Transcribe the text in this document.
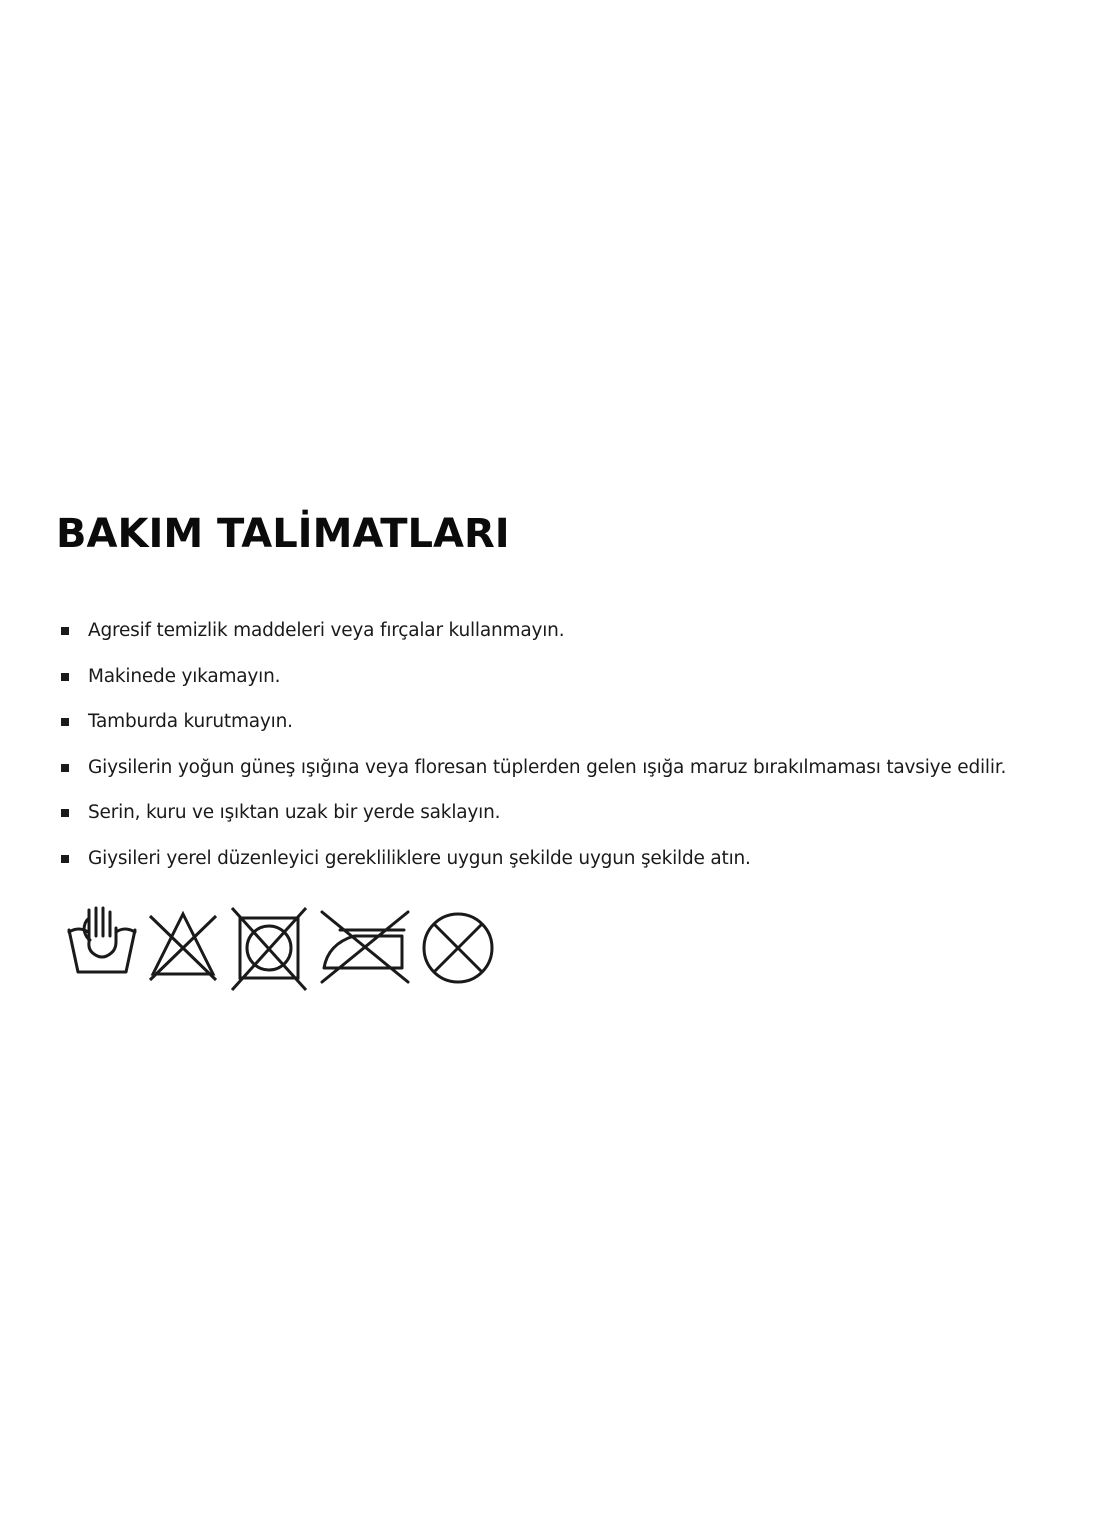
BAKIM TALİMATLARI
Agresif temizlik maddeleri veya fırçalar kullanmayın.
Makinede yıkamayın.
Tamburda kurutmayın.
Giysilerin yoğun güneş ışığına veya floresan tüplerden gelen ışığa maruz bırakılmaması tavsiye edilir.
Serin, kuru ve ışıktan uzak bir yerde saklayın.
Giysileri yerel düzenleyici gerekliliklere uygun şekilde uygun şekilde atın.
